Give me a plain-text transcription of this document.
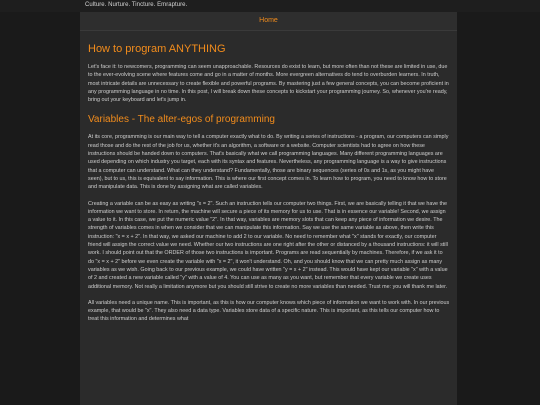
Culture. Nurture. Tincture. Emrapture.
Home
How to program ANYTHING

Let's face it: to newcomers, programming can seem unapproachable. Resources do exist to learn, but more often than not these are limited in use, due to the ever-evolving scene where features come and go in a matter of months. More evergreen alternatives do tend to overburden learners. In truth, most intricate details are unnecessary to create flexible and powerful programs. By mastering just a few general concepts, you can become proficient in any programming language in no time. In this post, I will break down these concepts to kickstart your programming journey. So, whenever you're ready, bring out your keyboard and let's jump in.

Variables - The alter-egos of programming

At its core, programming is our main way to tell a computer exactly what to do. By writing a series of instructions - a program, our computers can simply read those and do the rest of the job for us, whether it's an algorithm, a software or a website. Computer scientists had to agree on how these instructions should be handed down to computers. That's basically what we call programming languages. Many different programming languages are used depending on which industry you target, each with its syntax and features. Nevertheless, any programming language is a way to give instructions that a computer can understand. What can they understand? Fundamentally, those are binary sequences (series of 0s and 1s, as you might have seen), but to us, this is equivalent to say information. This is where our first concept comes in. To learn how to program, you need to know how to store and manipulate data. This is done by assigning what are called variables.

Creating a variable can be as easy as writing "x = 2". Such an instruction tells our computer two things. First, we are basically telling it that we have the information we want to store. In return, the machine will secure a piece of its memory for us to use. That is in essence our variable! Second, we assign a value to it. In this case, we put the numeric value "2". In that way, variables are memory slots that can keep any piece of information we desire. The strength of variables comes in when we consider that we can manipulate this information. Say we use the same variable as above, then write this instruction: "x = x + 2". In that way, we asked our machine to add 2 to our variable. No need to remember what "x" stands for exactly, our computer friend will assign the correct value we need. Whether our two instructions are one right after the other or distanced by a thousand instructions: it will still work. I should point out that the ORDER of those two instructions is important. Programs are read sequentially by machines. Therefore, if we ask it to do "x = x + 2" before we even create the variable with "x = 2", it won't understand. Oh, and you should know that we can pretty much assign as many variables as we wish. Going back to our previous example, we could have written "y = x + 2" instead. This would have kept our variable "x" with a value of 2 and created a new variable called "y" with a value of 4. You can use as many as you want, but remember that every variable we create uses additional memory. Not really a limitation anymore but you should still strive to create no more variables than needed. Trust me: you will thank me later.

All variables need a unique name. This is important, as this is how our computer knows which piece of information we want to work with. In our previous example, that would be "x". They also need a data type. Variables store data of a specific nature. This is important, as this tells our computer how to treat this information and determines what
